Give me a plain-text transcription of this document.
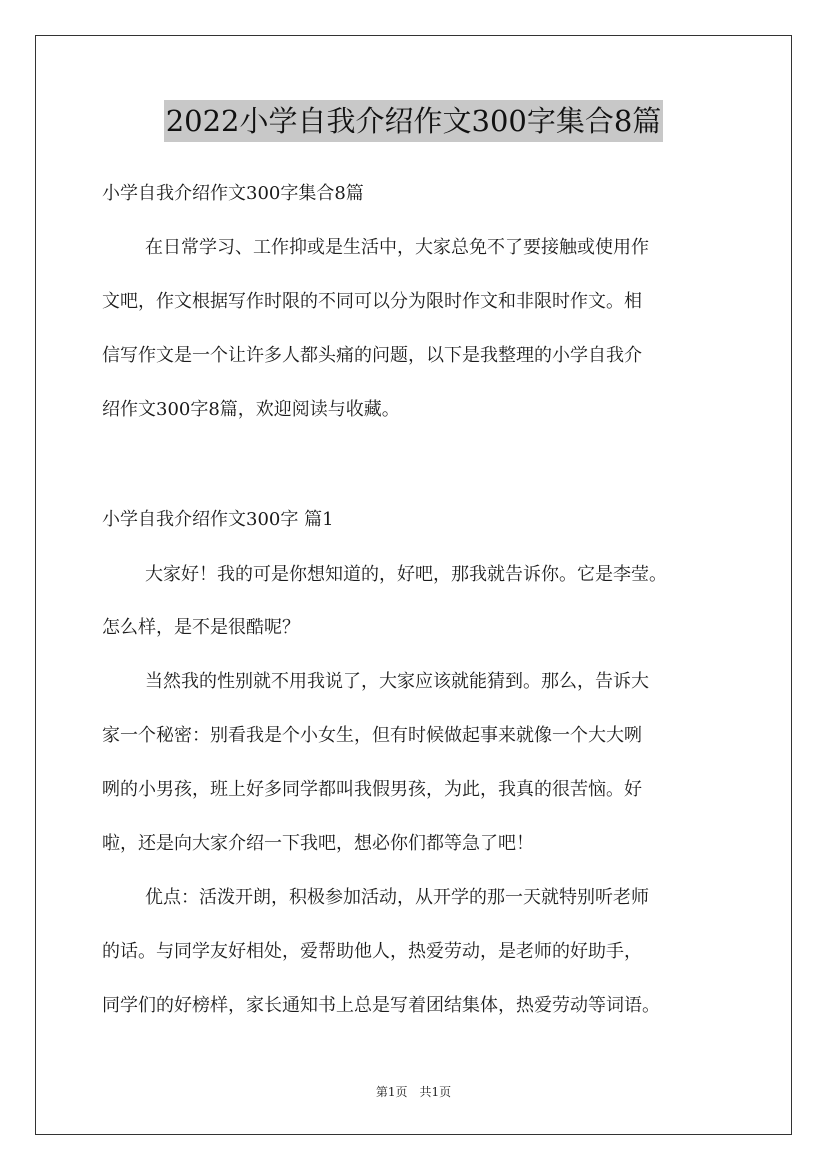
2022小学自我介绍作文300字集合8篇
小学自我介绍作文300字集合8篇
在日常学习、工作抑或是生活中，大家总免不了要接触或使用作
文吧，作文根据写作时限的不同可以分为限时作文和非限时作文。相
信写作文是一个让许多人都头痛的问题，以下是我整理的小学自我介
绍作文300字8篇，欢迎阅读与收藏。
小学自我介绍作文300字 篇1
大家好！我的可是你想知道的，好吧，那我就告诉你。它是李莹。
怎么样，是不是很酷呢？
当然我的性别就不用我说了，大家应该就能猜到。那么，告诉大
家一个秘密：别看我是个小女生，但有时候做起事来就像一个大大咧
咧的小男孩，班上好多同学都叫我假男孩，为此，我真的很苦恼。好
啦，还是向大家介绍一下我吧，想必你们都等急了吧！
优点：活泼开朗，积极参加活动，从开学的那一天就特别听老师
的话。与同学友好相处，爱帮助他人，热爱劳动，是老师的好助手，
同学们的好榜样，家长通知书上总是写着团结集体，热爱劳动等词语。
第1页　共1页
